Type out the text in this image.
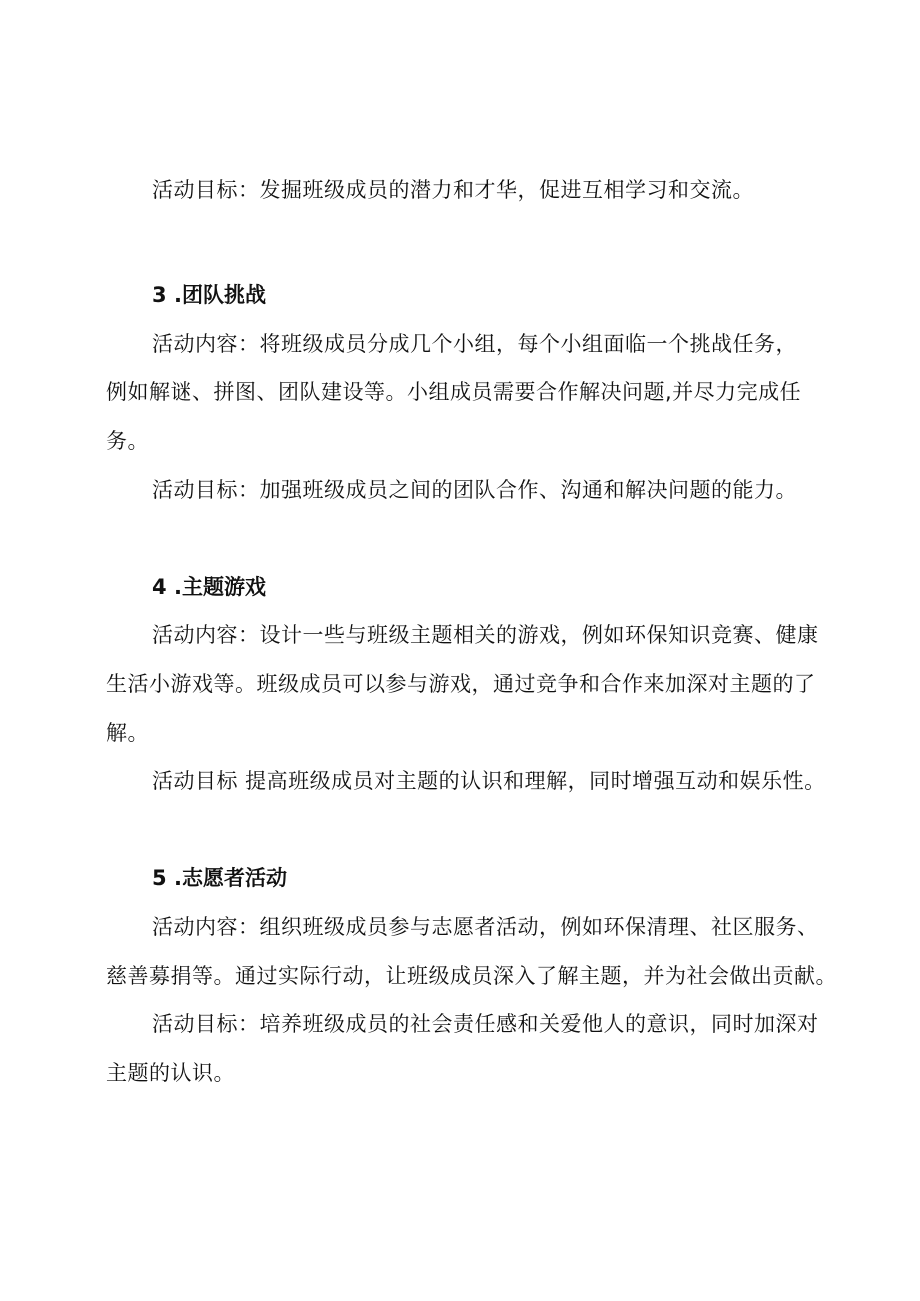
活动目标：发掘班级成员的潜力和才华，促进互相学习和交流。
3 .团队挑战
活动内容：将班级成员分成几个小组，每个小组面临一个挑战任务，
例如解谜、拼图、团队建设等。小组成员需要合作解决问题,并尽力完成任
务。
活动目标：加强班级成员之间的团队合作、沟通和解决问题的能力。
4 .主题游戏
活动内容：设计一些与班级主题相关的游戏，例如环保知识竞赛、健康
生活小游戏等。班级成员可以参与游戏，通过竞争和合作来加深对主题的了
解。
活动目标 提高班级成员对主题的认识和理解，同时增强互动和娱乐性。
5 .志愿者活动
活动内容：组织班级成员参与志愿者活动，例如环保清理、社区服务、
慈善募捐等。通过实际行动，让班级成员深入了解主题，并为社会做出贡献。
活动目标：培养班级成员的社会责任感和关爱他人的意识，同时加深对
主题的认识。
